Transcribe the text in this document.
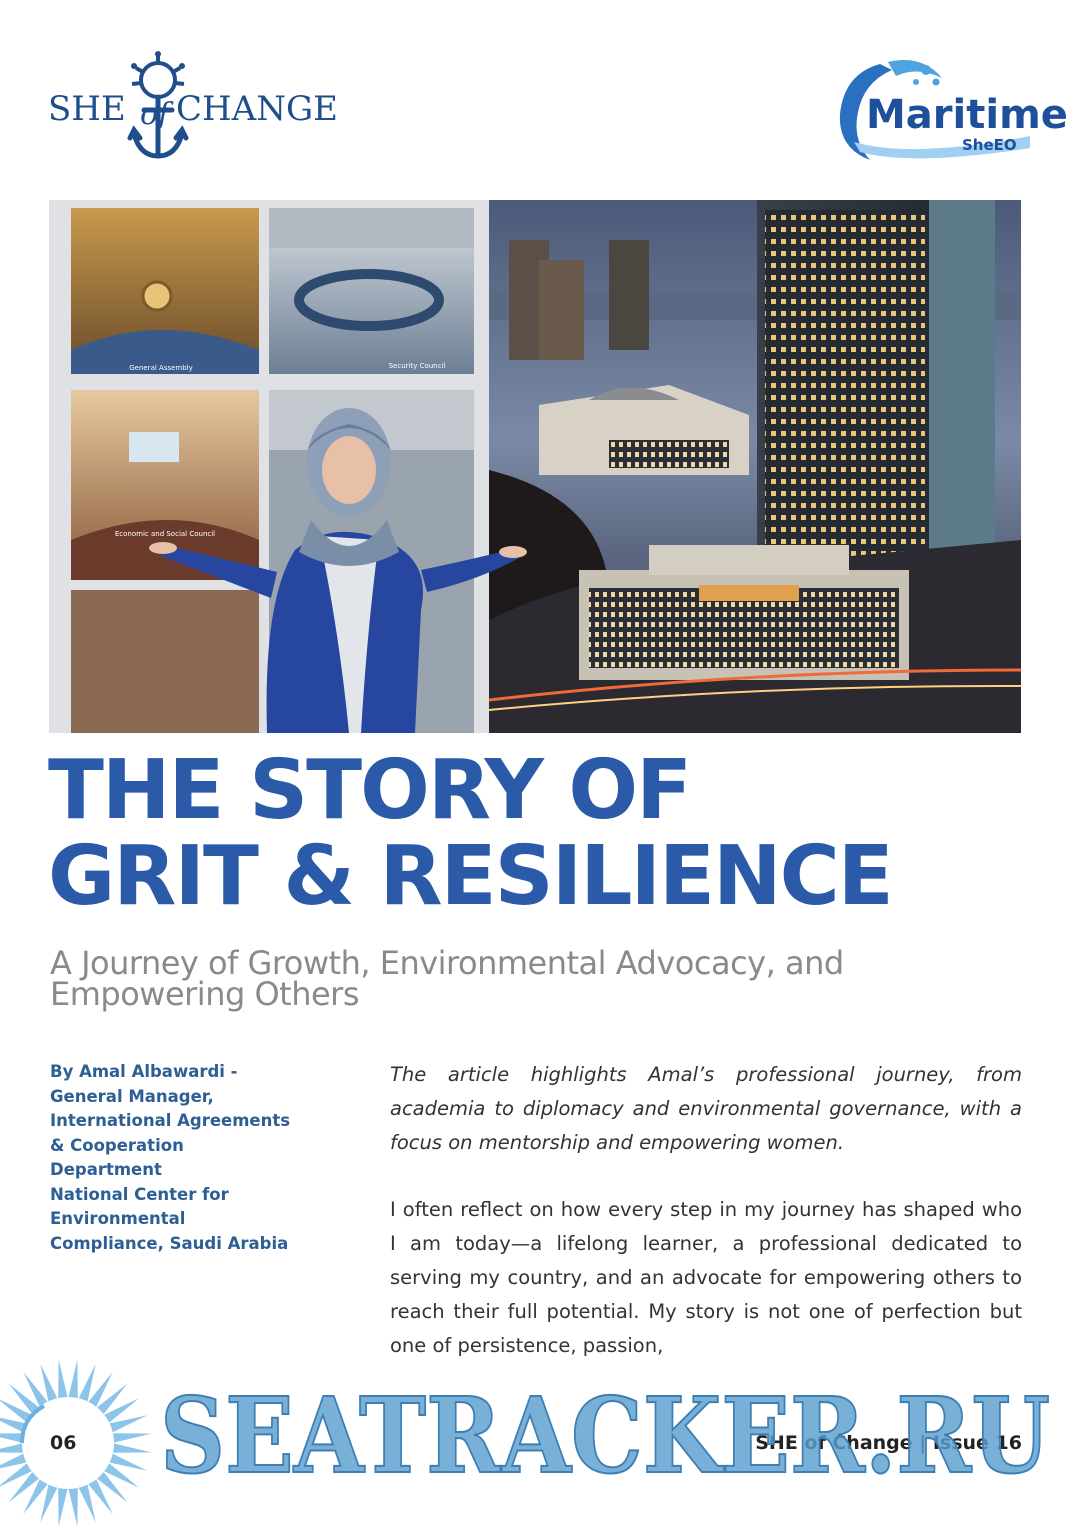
SHE of CHANGE	Maritime
SheEO
General Assembly	Security Council
Economic and Social Council
THE STORY OF
GRIT & RESILIENCE

A Journey of Growth, Environmental Advocacy, and Empowering Others

By Amal Albawardi -
General Manager,
International Agreements
& Cooperation
Department
National Center for
Environmental
Compliance, Saudi Arabia

The article highlights Amal’s professional journey, from academia to diplomacy and environmental governance, with a focus on mentorship and empowering women.

I often reflect on how every step in my journey has shaped who I am today—a lifelong learner, a professional dedicated to serving my country, and an advocate for empowering others to reach their full potential. My story is not one of perfection but one of persistence, passion,

06	SHE of Change | Issue 16
SEATRACKER.RU
